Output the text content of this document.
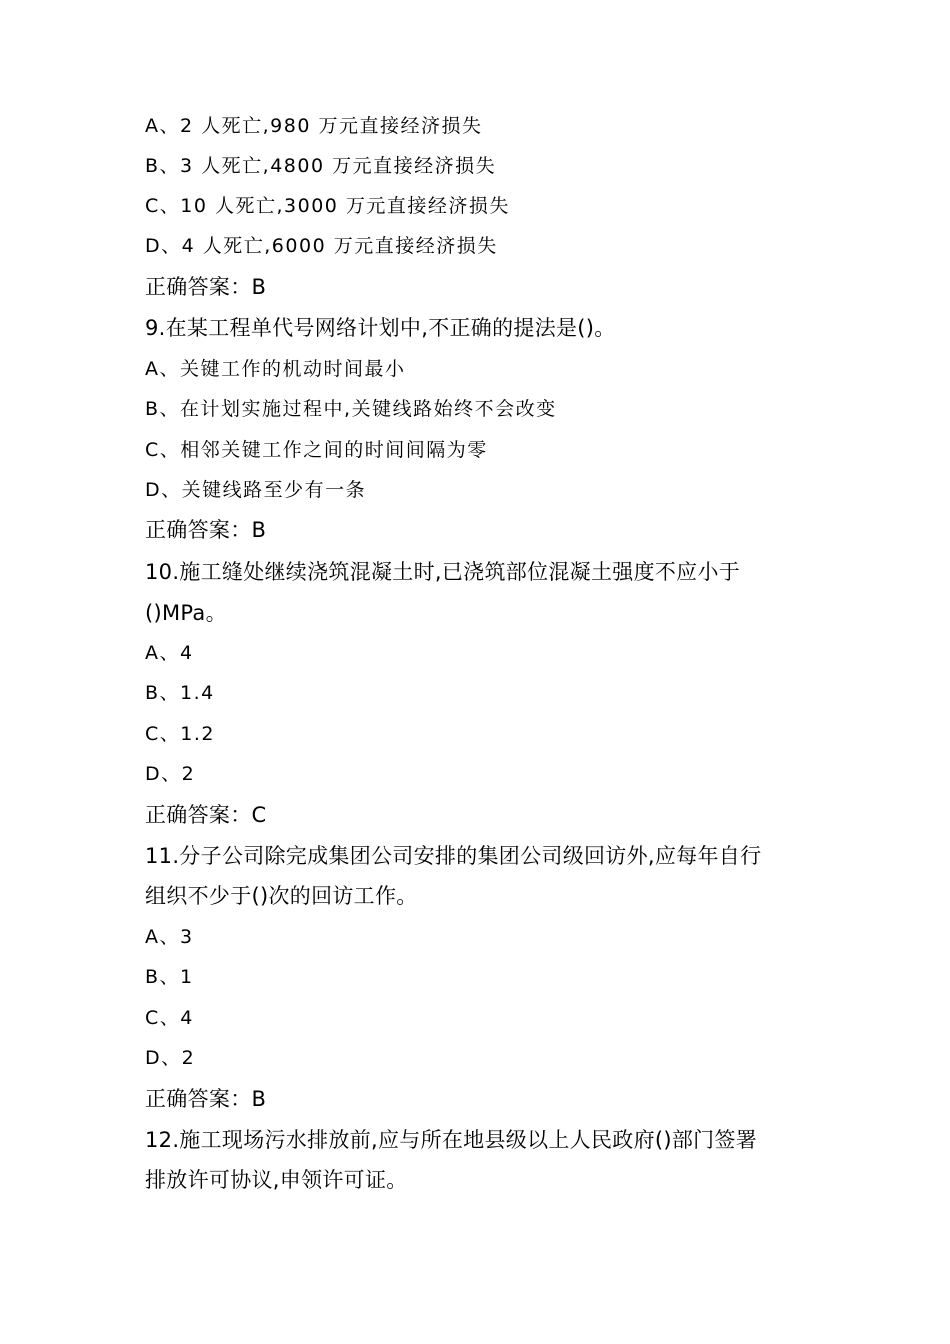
A、2 人死亡,980 万元直接经济损失
B、3 人死亡,4800 万元直接经济损失
C、10 人死亡,3000 万元直接经济损失
D、4 人死亡,6000 万元直接经济损失
正确答案：B
9.在某工程单代号网络计划中,不正确的提法是()。
A、关键工作的机动时间最小
B、在计划实施过程中,关键线路始终不会改变
C、相邻关键工作之间的时间间隔为零
D、关键线路至少有一条
正确答案：B
10.施工缝处继续浇筑混凝土时,已浇筑部位混凝土强度不应小于
()MPa。
A、4
B、1.4
C、1.2
D、2
正确答案：C
11.分子公司除完成集团公司安排的集团公司级回访外,应每年自行
组织不少于()次的回访工作。
A、3
B、1
C、4
D、2
正确答案：B
12.施工现场污水排放前,应与所在地县级以上人民政府()部门签署
排放许可协议,申领许可证。
